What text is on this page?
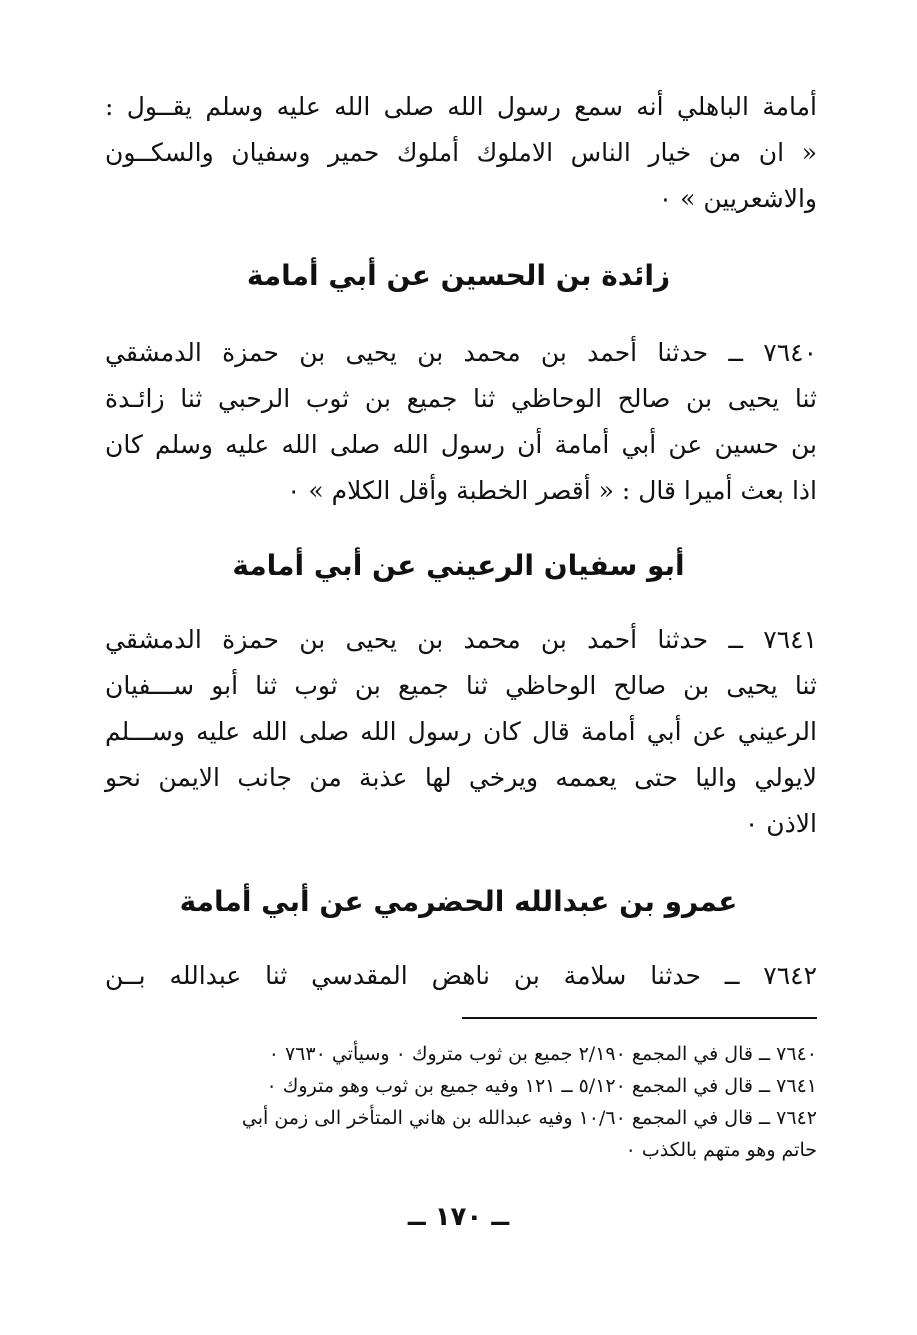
أمامة الباهلي أنه سمع رسول الله صلى الله عليه وسلم يقــول :
« ان من خيار الناس الاملوك أملوك حمير وسفيان والسكــون
والاشعريين » ٠
زائدة بن الحسين عن أبي أمامة
٧٦٤٠ ــ حدثنا أحمد بن محمد بن يحيى بن حمزة الدمشقي
ثنا يحيى بن صالح الوحاظي ثنا جميع بن ثوب الرحبي ثنا زائـدة
بن حسين عن أبي أمامة أن رسول الله صلى الله عليه وسلم كان
اذا بعث أميرا قال : « أقصر الخطبة وأقل الكلام » ٠
أبو سفيان الرعيني عن أبي أمامة
٧٦٤١ ــ حدثنا أحمد بن محمد بن يحيى بن حمزة الدمشقي
ثنا يحيى بن صالح الوحاظي ثنا جميع بن ثوب ثنا أبو ســـفيان
الرعيني عن أبي أمامة قال كان رسول الله صلى الله عليه وســـلم
لايولي واليا حتى يعممه ويرخي لها عذبة من جانب الايمن نحو
الاذن ٠
عمرو بن عبدالله الحضرمي عن أبي أمامة
٧٦٤٢ ــ حدثنا سلامة بن ناهض المقدسي ثنا عبدالله بــن
٧٦٤٠ ــ قال في المجمع ٢/١٩٠ جميع بن ثوب متروك ٠ وسيأتي ٧٦٣٠ ٠
٧٦٤١ ــ قال في المجمع ٥/١٢٠ ــ ١٢١ وفيه جميع بن ثوب وهو متروك ٠
٧٦٤٢ ــ قال في المجمع ١٠/٦٠ وفيه عبدالله بن هاني المتأخر الى زمن أبي
حاتم وهو متهم بالكذب ٠
ــ ١٧٠ ــ
